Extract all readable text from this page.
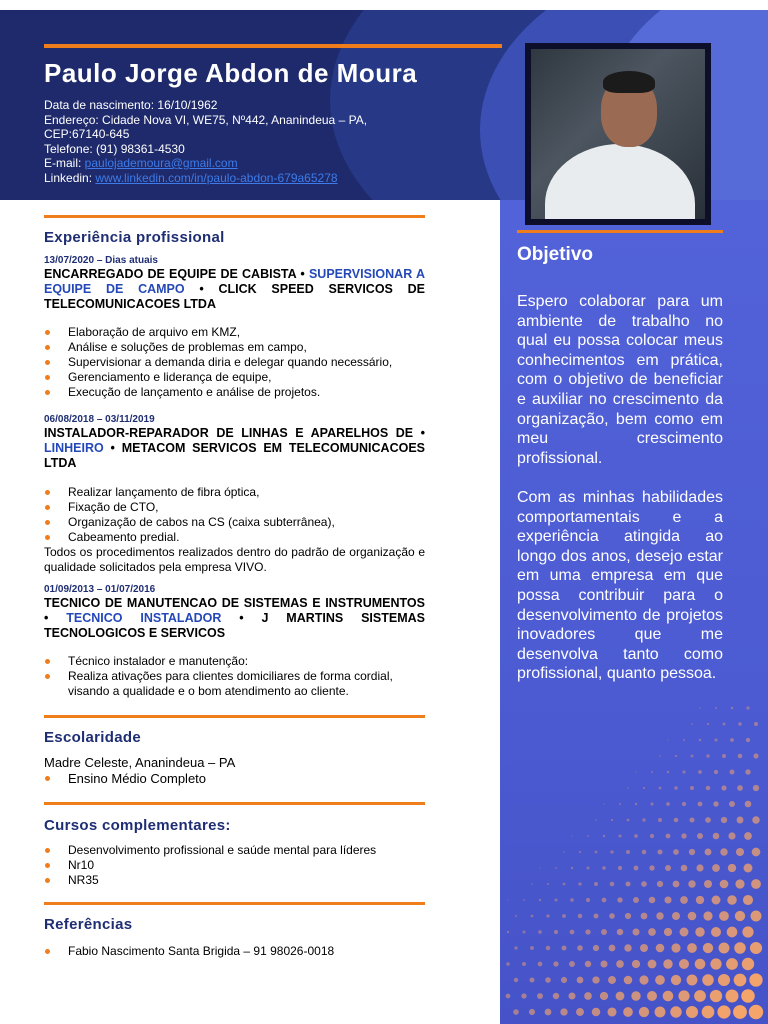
Paulo Jorge Abdon de Moura
Data de nascimento: 16/10/1962
Endereço: Cidade Nova VI, WE75, Nº442, Ananindeua – PA, CEP:67140-645
Telefone: (91) 98361-4530
E-mail: paulojademoura@gmail.com
Linkedin: www.linkedin.com/in/paulo-abdon-679a65278
Objetivo

Espero colaborar para um ambiente de trabalho no qual eu possa colocar meus conhecimentos em prática, com o objetivo de beneficiar e auxiliar no crescimento da organização, bem como em meu crescimento profissional.

Com as minhas habilidades comportamentais e a experiência atingida ao longo dos anos, desejo estar em uma empresa em que possa contribuir para o desenvolvimento de projetos inovadores que me desenvolva tanto como profissional, quanto pessoa.

Experiência profissional
13/07/2020 – Dias atuais
ENCARREGADO DE EQUIPE DE CABISTA • SUPERVISIONAR A EQUIPE DE CAMPO • CLICK SPEED SERVICOS DE TELECOMUNICACOES LTDA
Elaboração de arquivo em KMZ,
Análise e soluções de problemas em campo,
Supervisionar a demanda diria e delegar quando necessário,
Gerenciamento e liderança de equipe,
Execução de lançamento e análise de projetos.
06/08/2018 – 03/11/2019
INSTALADOR-REPARADOR DE LINHAS E APARELHOS DE • LINHEIRO • METACOM SERVICOS EM TELECOMUNICACOES LTDA
Realizar lançamento de fibra óptica,
Fixação de CTO,
Organização de cabos na CS (caixa subterrânea),
Cabeamento predial.
Todos os procedimentos realizados dentro do padrão de organização e qualidade solicitados pela empresa VIVO.
01/09/2013 – 01/07/2016
TECNICO DE MANUTENCAO DE SISTEMAS E INSTRUMENTOS • TECNICO INSTALADOR • J MARTINS SISTEMAS TECNOLOGICOS E SERVICOS
Técnico instalador e manutenção:
Realiza ativações para clientes domiciliares de forma cordial, visando a qualidade e o bom atendimento ao cliente.
Escolaridade
Madre Celeste, Ananindeua – PA
Ensino Médio Completo
Cursos complementares:
Desenvolvimento profissional e saúde mental para líderes
Nr10
NR35
Referências
Fabio Nascimento Santa Brigida – 91 98026-0018
